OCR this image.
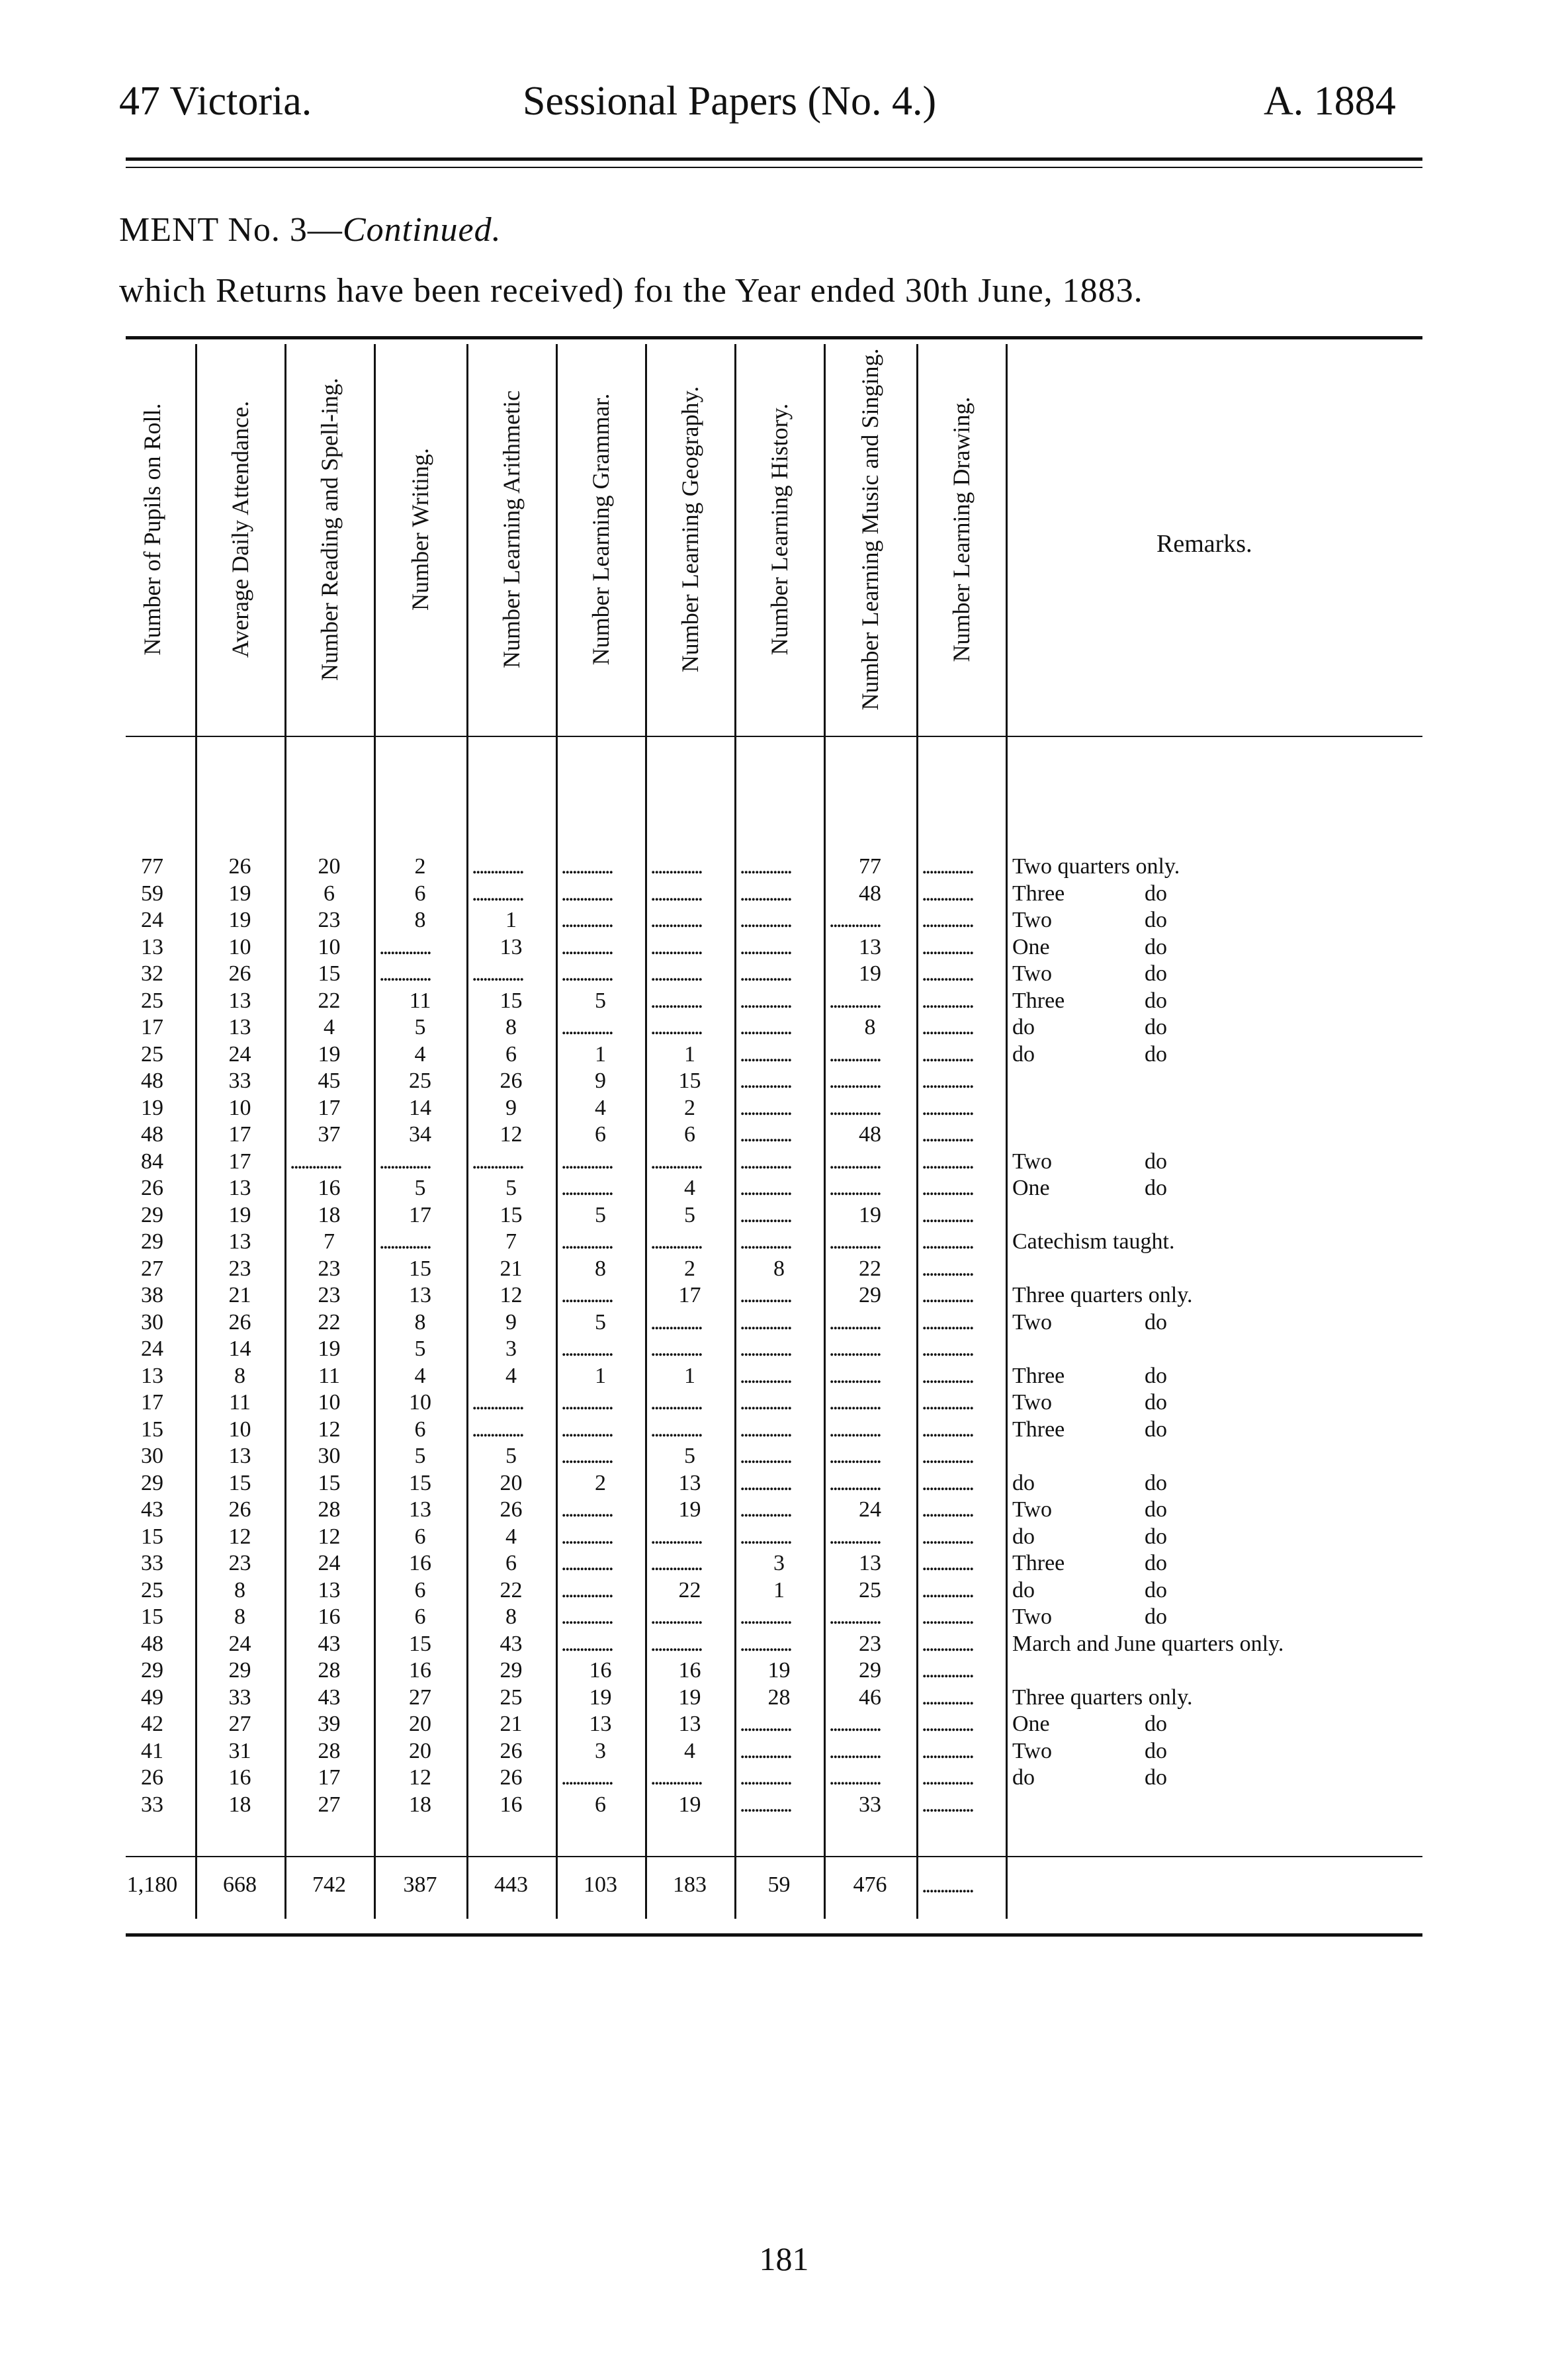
47 Victoria.	Sessional Papers (No. 4.)	A. 1884
MENT No. 3—Continued.
which Returns have been received) foı the Year ended 30th June, 1883.
Number of Pupils on Roll.	Average Daily Attendance.	Number Reading and Spell-ing.	Number Writing.	Number Learning Arithmetic	Number Learning Grammar.	Number Learning Geography.	Number Learning History.	Number Learning Music and Singing.	Number Learning Drawing.	Remarks.
77	26	20	2	..............	..............	..............	..............	77	..............	Two quarters only.
59	19	6	6	..............	..............	..............	..............	48	..............	Three	do
24	19	23	8	1	..............	..............	..............	..............	..............	Two	do
13	10	10	..............	13	..............	..............	..............	13	..............	One	do
32	26	15	..............	..............	..............	..............	..............	19	..............	Two	do
25	13	22	11	15	5	..............	..............	..............	..............	Three	do
17	13	4	5	8	..............	..............	..............	8	..............	do	do
25	24	19	4	6	1	1	..............	..............	..............	do	do
48	33	45	25	26	9	15	..............	..............	..............
19	10	17	14	9	4	2	..............	..............	..............
48	17	37	34	12	6	6	..............	48	..............
84	17	..............	..............	..............	..............	..............	..............	..............	..............	Two	do
26	13	16	5	5	..............	4	..............	..............	..............	One	do
29	19	18	17	15	5	5	..............	19	..............
29	13	7	..............	7	..............	..............	..............	..............	..............	Catechism taught.
27	23	23	15	21	8	2	8	22	..............
38	21	23	13	12	..............	17	..............	29	..............	Three quarters only.
30	26	22	8	9	5	..............	..............	..............	..............	Two	do
24	14	19	5	3	..............	..............	..............	..............	..............
13	8	11	4	4	1	1	..............	..............	..............	Three	do
17	11	10	10	..............	..............	..............	..............	..............	..............	Two	do
15	10	12	6	..............	..............	..............	..............	..............	..............	Three	do
30	13	30	5	5	..............	5	..............	..............	..............
29	15	15	15	20	2	13	..............	..............	..............	do	do
43	26	28	13	26	..............	19	..............	24	..............	Two	do
15	12	12	6	4	..............	..............	..............	..............	..............	do	do
33	23	24	16	6	..............	..............	3	13	..............	Three	do
25	8	13	6	22	..............	22	1	25	..............	do	do
15	8	16	6	8	..............	..............	..............	..............	..............	Two	do
48	24	43	15	43	..............	..............	..............	23	..............	March and June quarters only.
29	29	28	16	29	16	16	19	29	..............
49	33	43	27	25	19	19	28	46	..............	Three quarters only.
42	27	39	20	21	13	13	..............	..............	..............	One	do
41	31	28	20	26	3	4	..............	..............	..............	Two	do
26	16	17	12	26	..............	..............	..............	..............	..............	do	do
33	18	27	18	16	6	19	..............	33	..............
1,180	668	742	387	443	103	183	59	476	..............
181
